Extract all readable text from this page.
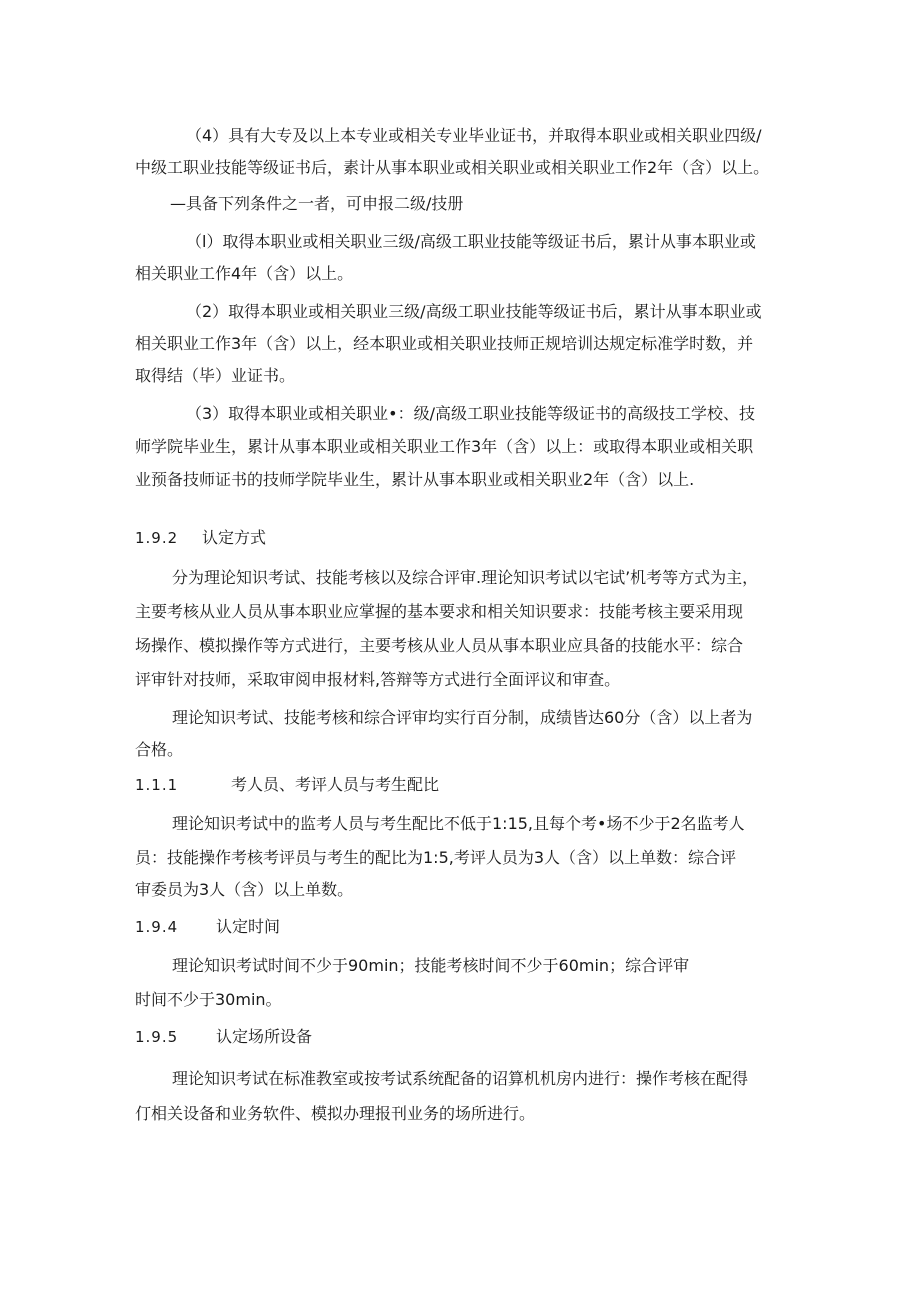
（4）具有大专及以上本专业或相关专业毕业证书，并取得本职业或相关职业四级/
中级工职业技能等级证书后，素计从事本职业或相关职业或相关职业工作2年（含）以上。
—具备下列条件之一者，可申报二级/技册
（l）取得本职业或相关职业三级/高级工职业技能等级证书后，累计从事本职业或
相关职业工作4年（含）以上。
（2）取得本职业或相关职业三级/高级工职业技能等级证书后，累计从事本职业或
相关职业工作3年（含）以上，经本职业或相关职业技师正规培训达规定标准学时数，并
取得结（毕）业证书。
（3）取得本职业或相关职业•：级/高级工职业技能等级证书的高级技工学校、技
师学院毕业生，累计从事本职业或相关职业工作3年（含）以上：或取得本职业或相关职
业预备技师证书的技师学院毕业生，累计从事本职业或相关职业2年（含）以上.
1.9.2 认定方式
分为理论知识考试、技能考核以及综合评审.理论知识考试以宅试’机考等方式为主，
主要考核从业人员从事本职业应掌握的基本要求和相关知识要求：技能考核主要采用现
场操作、模拟操作等方式进行，主要考核从业人员从事本职业应具备的技能水平：综合
评审针对技师，采取审阅申报材料,答辩等方式进行全面评议和审查。
理论知识考试、技能考核和综合评审均实行百分制，成绩皆达60分（含）以上者为
合格。
1.1.1	考人员、考评人员与考生配比
理论知识考试中的监考人员与考生配比不低于1:15,且每个考•场不少于2名监考人
员：技能操作考核考评员与考生的配比为1:5,考评人员为3人（含）以上单数：综合评
审委员为3人（含）以上单数。
1.9.4 认定时间
理论知识考试时间不少于90min；技能考核时间不少于60min；综合评审
时间不少于30min。
1.9.5 认定场所设备
理论知识考试在标准教室或按考试系统配备的诏算机机房内进行：操作考核在配得
仃相关设备和业务软件、模拟办理报刊业务的场所进行。
